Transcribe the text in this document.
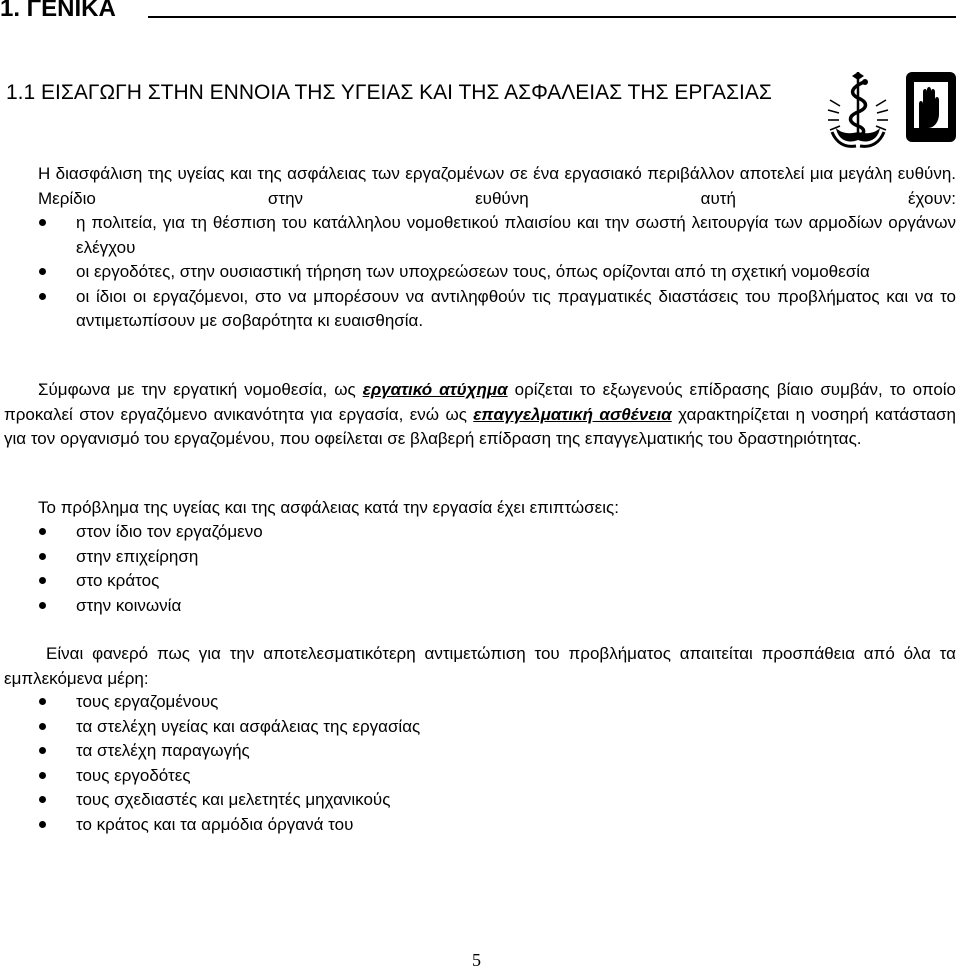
1. ΓΕΝΙΚΑ
1.1 ΕΙΣΑΓΩΓΗ ΣΤΗΝ ΕΝΝΟΙΑ ΤΗΣ ΥΓΕΙΑΣ ΚΑΙ ΤΗΣ ΑΣΦΑΛΕΙΑΣ ΤΗΣ ΕΡΓΑΣΙΑΣ
Η διασφάλιση της υγείας και της ασφάλειας των εργαζομένων σε ένα εργασιακό περιβάλλον αποτελεί μια μεγάλη ευθύνη. Μερίδιο στην ευθύνη αυτή έχουν:
η πολιτεία, για τη θέσπιση του κατάλληλου νομοθετικού πλαισίου και την σωστή λειτουργία των αρμοδίων οργάνων ελέγχου
οι εργοδότες, στην ουσιαστική τήρηση των υποχρεώσεων τους, όπως ορίζονται από τη σχετική νομοθεσία
οι ίδιοι οι εργαζόμενοι, στο να μπορέσουν να αντιληφθούν τις πραγματικές διαστάσεις του προβλήματος και να το αντιμετωπίσουν με σοβαρότητα κι ευαισθησία.
Σύμφωνα με την εργατική νομοθεσία, ως εργατικό ατύχημα ορίζεται το εξωγενούς επίδρασης βίαιο συμβάν, το οποίο προκαλεί στον εργαζόμενο ανικανότητα για εργασία, ενώ ως επαγγελματική ασθένεια χαρακτηρίζεται η νοσηρή κατάσταση για τον οργανισμό του εργαζομένου, που οφείλεται σε βλαβερή επίδραση της επαγγελματικής του δραστηριότητας.
Το πρόβλημα της υγείας και της ασφάλειας κατά την εργασία έχει επιπτώσεις:
στον ίδιο τον εργαζόμενο
στην επιχείρηση
στο κράτος
στην κοινωνία
Είναι φανερό πως για την αποτελεσματικότερη αντιμετώπιση του προβλήματος απαιτείται προσπάθεια από όλα τα εμπλεκόμενα μέρη:
τους εργαζομένους
τα στελέχη υγείας και ασφάλειας της εργασίας
τα στελέχη παραγωγής
τους εργοδότες
τους σχεδιαστές και μελετητές μηχανικούς
το κράτος και τα αρμόδια όργανά του
5
